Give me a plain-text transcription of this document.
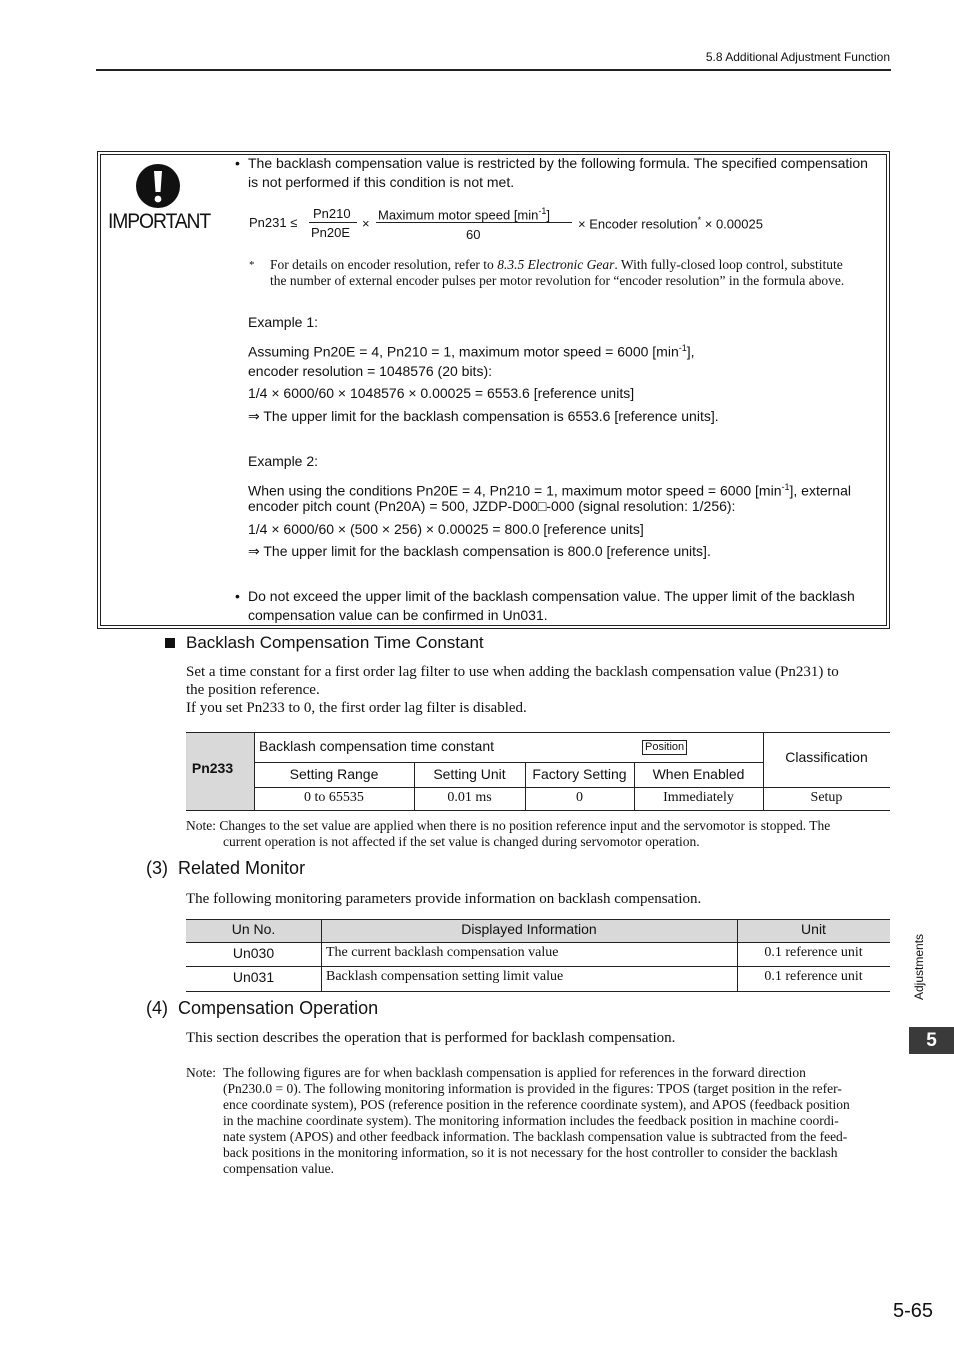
5.8 Additional Adjustment Function
IMPORTANT
• The backlash compensation value is restricted by the following formula. The specified compensation
is not performed if this condition is not met.
Pn231 ≤
Pn210
Pn20E
×
Maximum motor speed $[\min^{-1}]$
60
× Encoder resolution* × 0.00025
* For details on encoder resolution, refer to 8.3.5 Electronic Gear. With fully-closed loop control, substitute
the number of external encoder pulses per motor revolution for “encoder resolution” in the formula above.
Example 1:
Assuming Pn20E = 4, Pn210 = 1, maximum motor speed = 6000 $[\min^{-1}]$,
encoder resolution = 1048576 (20 bits):
1/4 × 6000/60 × 1048576 × 0.00025 = 6553.6 [reference units]
⇒ The upper limit for the backlash compensation is 6553.6 [reference units].
Example 2:
When using the conditions Pn20E = 4, Pn210 = 1, maximum motor speed = 6000 $[\min^{-1}]$, external
encoder pitch count (Pn20A) = 500, JZDP-D00□-000 (signal resolution: 1/256):
1/4 × 6000/60 × (500 × 256) × 0.00025 = 800.0 [reference units]
⇒ The upper limit for the backlash compensation is 800.0 [reference units].
• Do not exceed the upper limit of the backlash compensation value. The upper limit of the backlash
compensation value can be confirmed in Un031.
Backlash Compensation Time Constant
Set a time constant for a first order lag filter to use when adding the backlash compensation value (Pn231) to
the position reference.
If you set Pn233 to 0, the first order lag filter is disabled.
Pn233
Backlash compensation time constant	Position
Classification
Setting Range	Setting Unit	Factory Setting	When Enabled
0 to 65535	0.01 ms	0	Immediately	Setup
Note: Changes to the set value are applied when there is no position reference input and the servomotor is stopped. The
current operation is not affected if the set value is changed during servomotor operation.
(3)  Related Monitor
The following monitoring parameters provide information on backlash compensation.
Un No.	Displayed Information	Unit
Un030	The current backlash compensation value	0.1 reference unit
Un031	Backlash compensation setting limit value	0.1 reference unit
(4)  Compensation Operation
This section describes the operation that is performed for backlash compensation.
Note: The following figures are for when backlash compensation is applied for references in the forward direction
(Pn230.0 = 0). The following monitoring information is provided in the figures: TPOS (target position in the refer-
ence coordinate system), POS (reference position in the reference coordinate system), and APOS (feedback position
in the machine coordinate system). The monitoring information includes the feedback position in machine coordi-
nate system (APOS) and other feedback information. The backlash compensation value is subtracted from the feed-
back positions in the monitoring information, so it is not necessary for the host controller to consider the backlash
compensation value.
Adjustments
5
5-65
